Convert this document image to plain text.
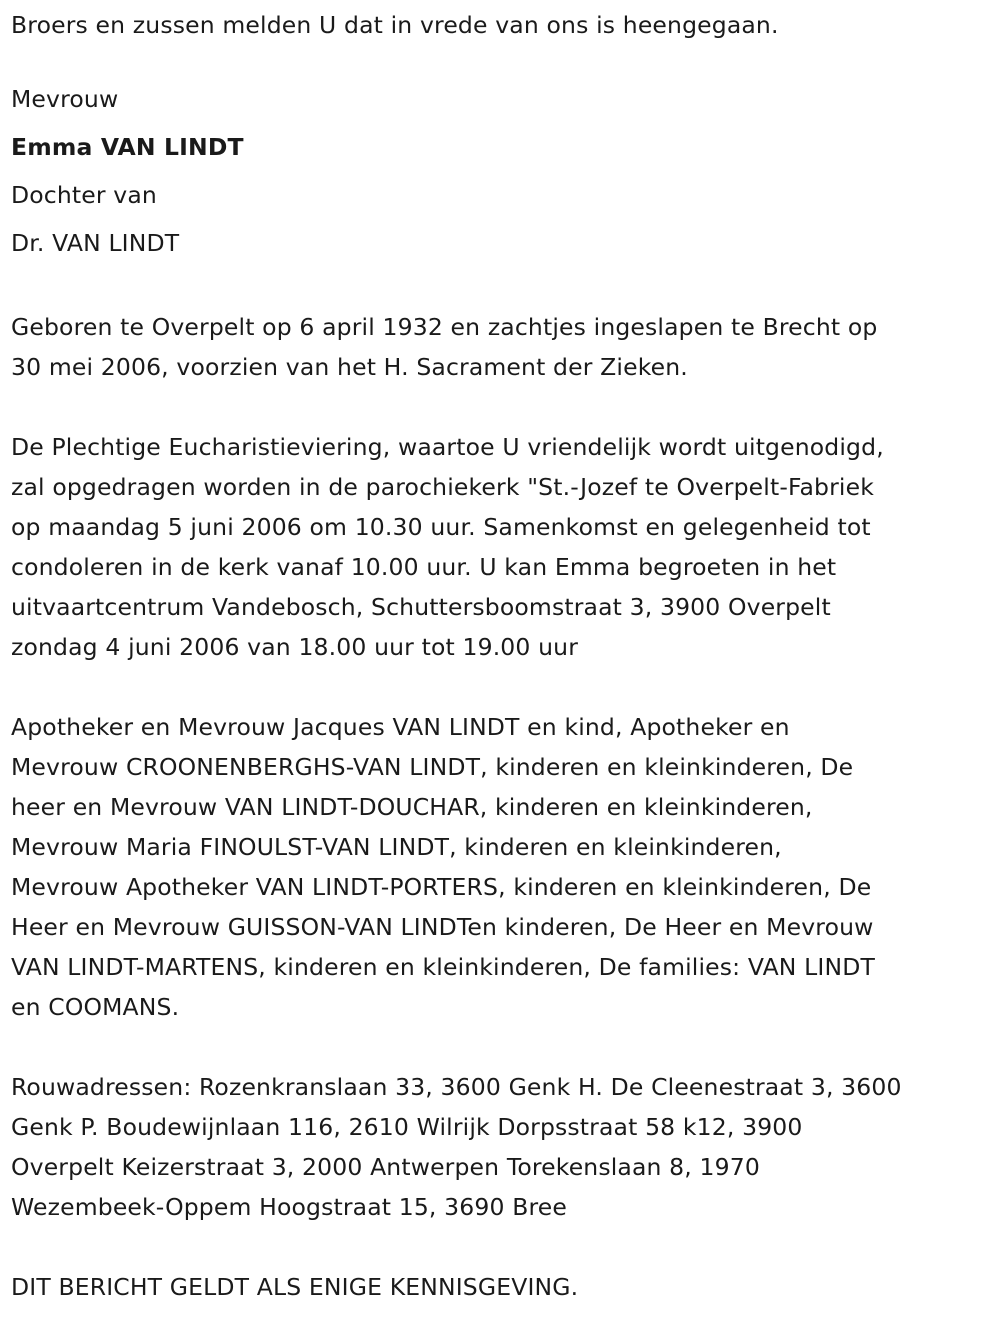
Broers en zussen melden U dat in vrede van ons is heengegaan.
Mevrouw
Emma VAN LINDT
Dochter van
Dr. VAN LINDT
Geboren te Overpelt op 6 april 1932 en zachtjes ingeslapen te Brecht op
30 mei 2006, voorzien van het H. Sacrament der Zieken.
De Plechtige Eucharistieviering, waartoe U vriendelijk wordt uitgenodigd,
zal opgedragen worden in de parochiekerk "St.-Jozef te Overpelt-Fabriek
op maandag 5 juni 2006 om 10.30 uur. Samenkomst en gelegenheid tot
condoleren in de kerk vanaf 10.00 uur. U kan Emma begroeten in het
uitvaartcentrum Vandebosch, Schuttersboomstraat 3, 3900 Overpelt
zondag 4 juni 2006 van 18.00 uur tot 19.00 uur
Apotheker en Mevrouw Jacques VAN LINDT en kind, Apotheker en
Mevrouw CROONENBERGHS-VAN LINDT, kinderen en kleinkinderen, De
heer en Mevrouw VAN LINDT-DOUCHAR, kinderen en kleinkinderen,
Mevrouw Maria FINOULST-VAN LINDT, kinderen en kleinkinderen,
Mevrouw Apotheker VAN LINDT-PORTERS, kinderen en kleinkinderen, De
Heer en Mevrouw GUISSON-VAN LINDTen kinderen, De Heer en Mevrouw
VAN LINDT-MARTENS, kinderen en kleinkinderen, De families: VAN LINDT
en COOMANS.
Rouwadressen: Rozenkranslaan 33, 3600 Genk H. De Cleenestraat 3, 3600
Genk P. Boudewijnlaan 116, 2610 Wilrijk Dorpsstraat 58 k12, 3900
Overpelt Keizerstraat 3, 2000 Antwerpen Torekenslaan 8, 1970
Wezembeek-Oppem Hoogstraat 15, 3690 Bree
DIT BERICHT GELDT ALS ENIGE KENNISGEVING.
